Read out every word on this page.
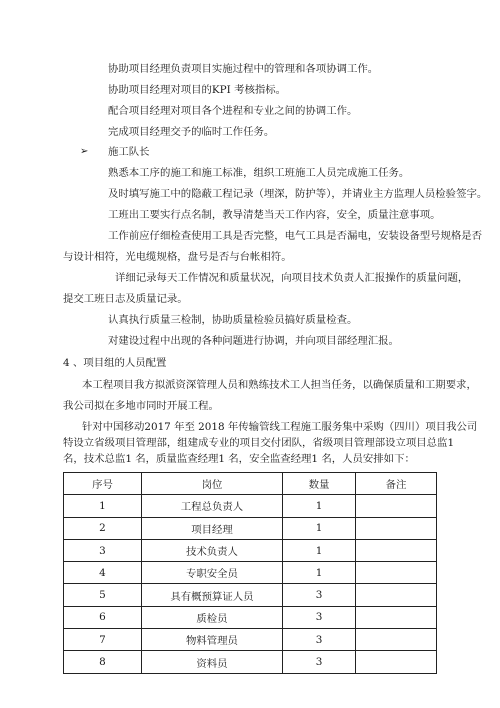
协助项目经理负责项目实施过程中的管理和各项协调工作。
协助项目经理对项目的KPI 考核指标。
配合项目经理对项目各个进程和专业之间的协调工作。
完成项目经理交予的临时工作任务。
➢ 施工队长
熟悉本工序的施工和施工标准，组织工班施工人员完成施工任务。
及时填写施工中的隐蔽工程记录（埋深，防护等），并请业主方监理人员检验签字。
工班出工要实行点名制，教导清楚当天工作内容，安全，质量注意事项。
工作前应仔细检查使用工具是否完整，电气工具是否漏电，安装设备型号规格是否
与设计相符，光电缆规格，盘号是否与台帐相符。
详细记录每天工作情况和质量状况，向项目技术负责人汇报操作的质量问题，
提交工班日志及质量记录。
认真执行质量三检制，协助质量检验员搞好质量检查。
对建设过程中出现的各种问题进行协调，并向项目部经理汇报。
4 、项目组的人员配置
本工程项目我方拟派资深管理人员和熟练技术工人担当任务，以确保质量和工期要求，
我公司拟在多地市同时开展工程。
针对中国移动2017 年至 2018 年传输管线工程施工服务集中采购（四川）项目我公司
特设立省级项目管理部，组建成专业的项目交付团队，省级项目管理部设立项目总监1
序号	岗位	数量	备注
1	工程总负责人	1	
2	项目经理	1	
3	技术负责人	1	
4	专职安全员	1	
5	具有概预算证人员	3	
6	质检员	3	
7	物料管理员	3	
8	资料员	3	
名，技术总监1 名，质量监查经理1 名，安全监查经理1 名，人员安排如下：
